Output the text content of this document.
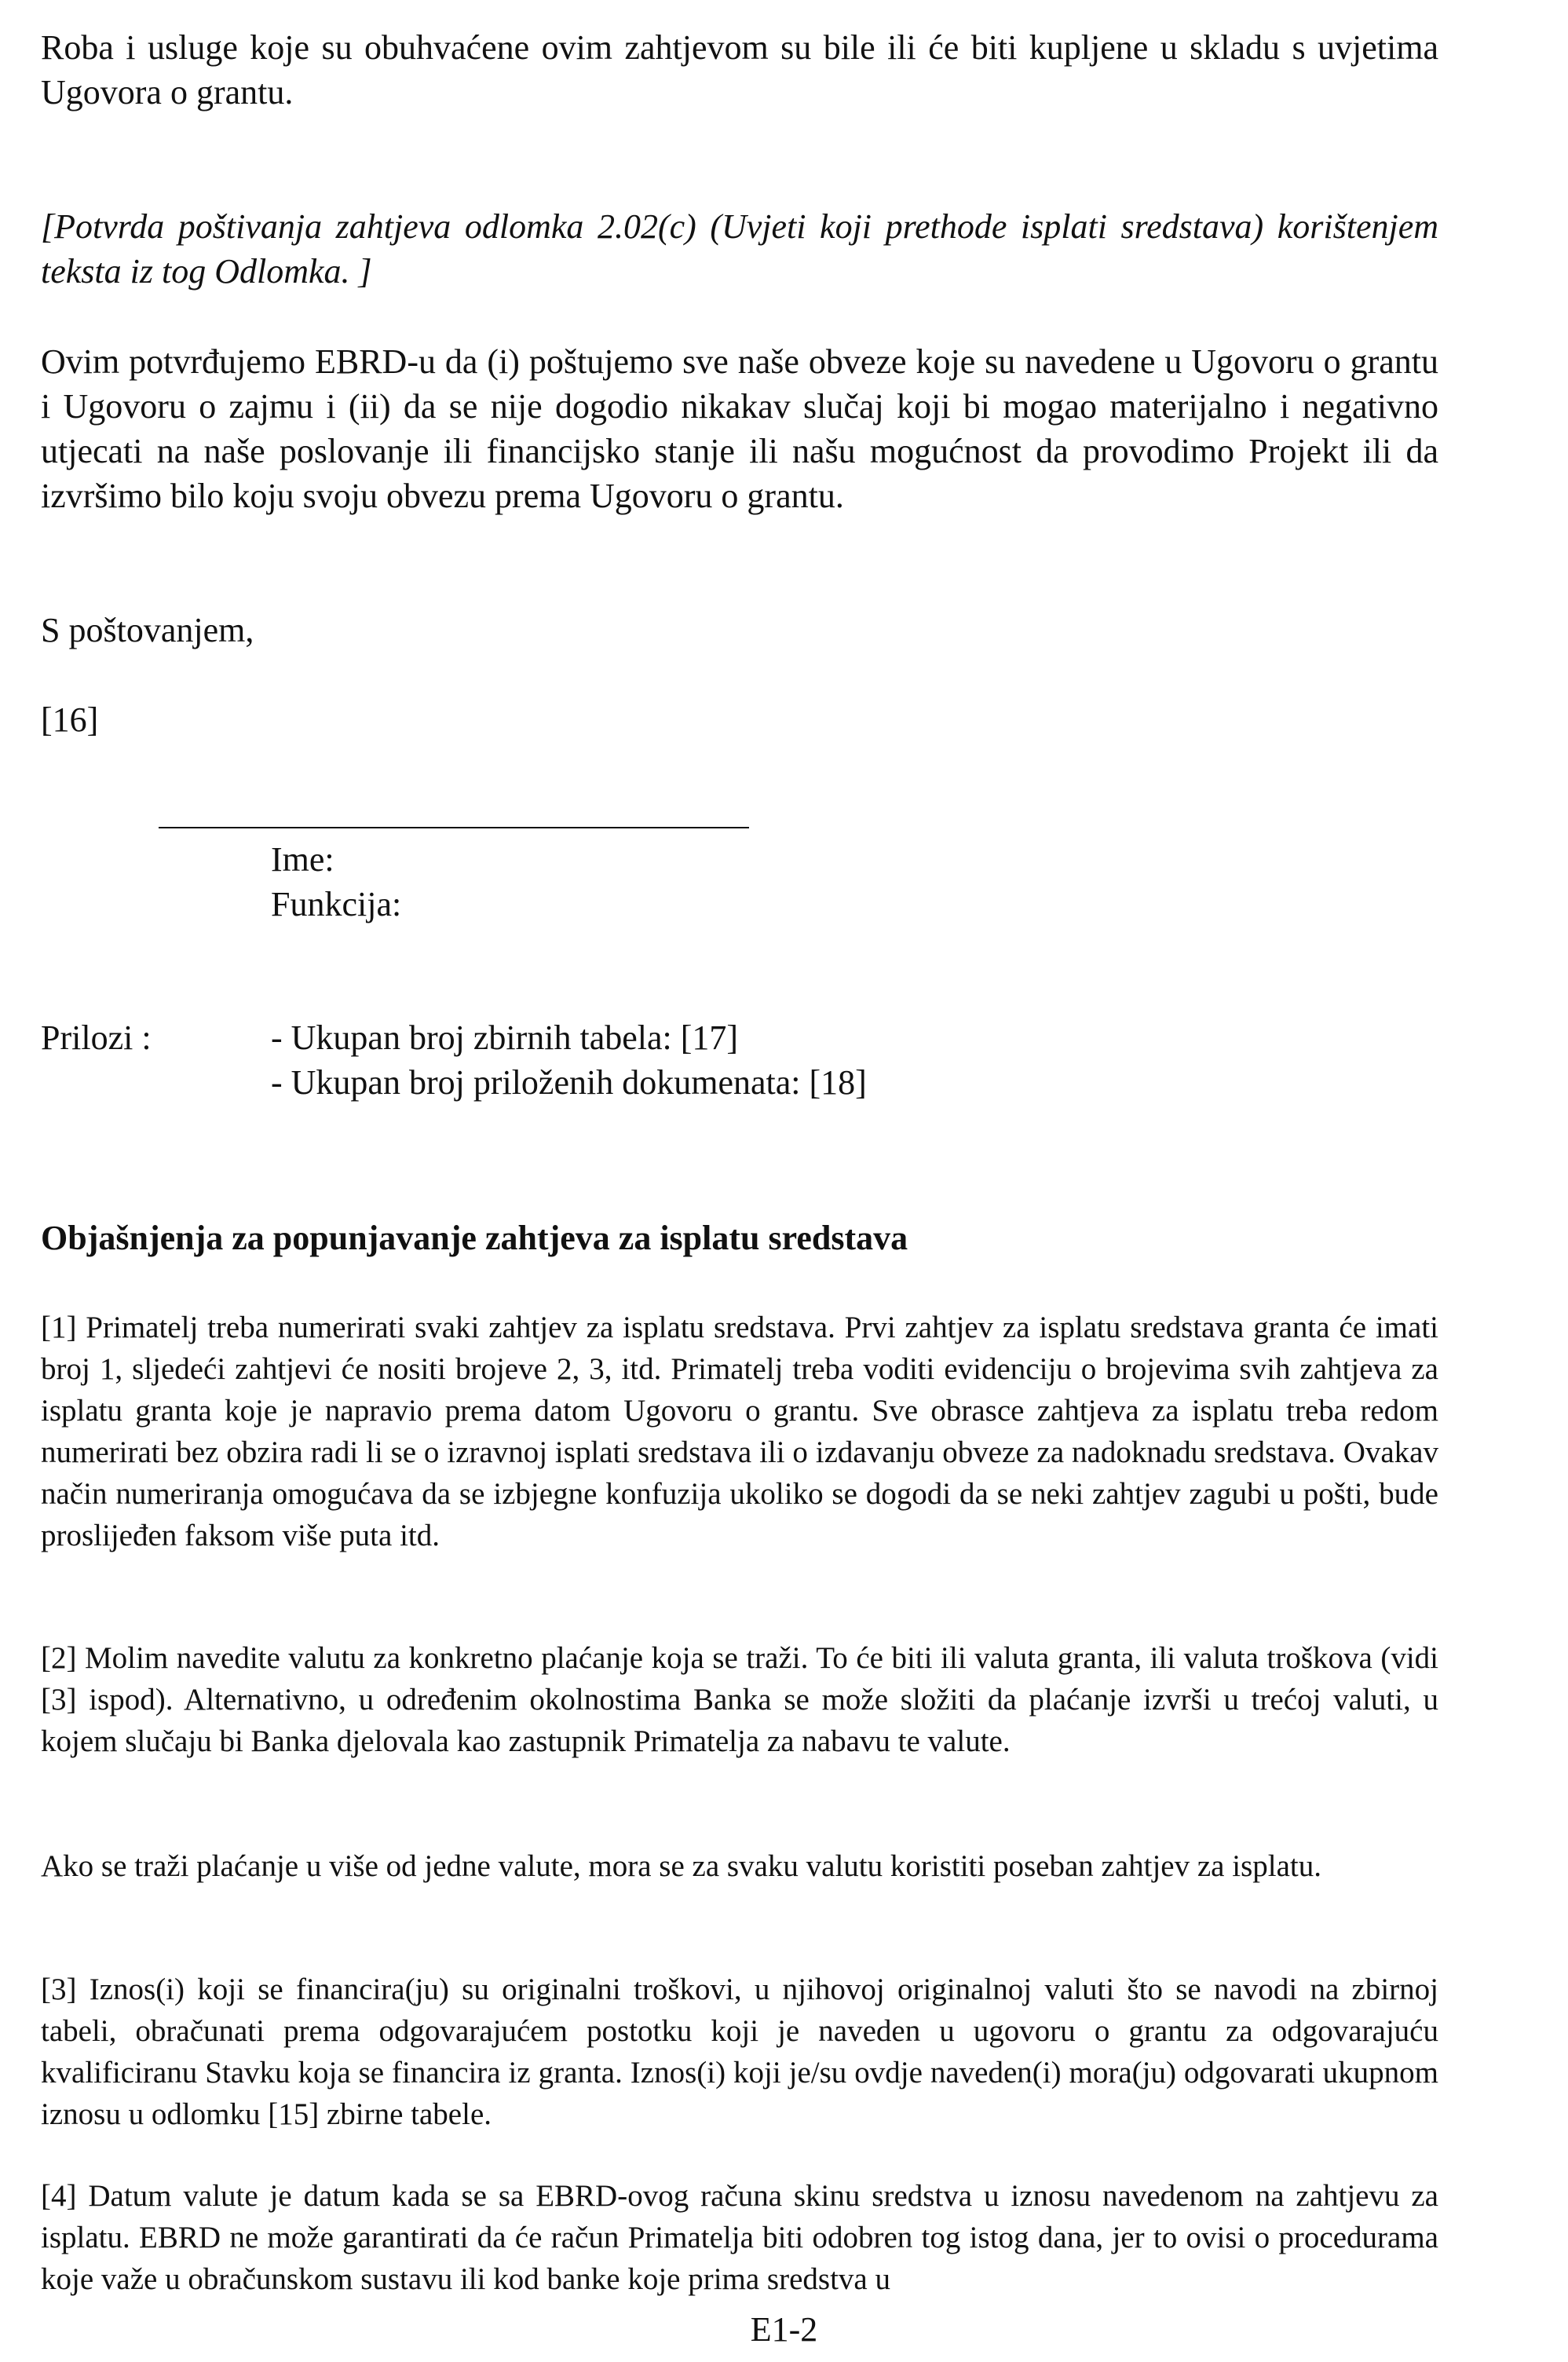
Roba i usluge koje su obuhvaćene ovim zahtjevom su bile ili će biti kupljene u skladu s uvjetima Ugovora o grantu.

[Potvrda poštivanja zahtjeva odlomka 2.02(c) (Uvjeti koji prethode isplati sredstava) korištenjem teksta iz tog Odlomka. ]

Ovim potvrđujemo EBRD-u da (i) poštujemo sve naše obveze koje su navedene u Ugovoru o grantu i Ugovoru o zajmu i (ii) da se nije dogodio nikakav slučaj koji bi mogao materijalno i negativno utjecati na naše poslovanje ili financijsko stanje ili našu mogućnost da provodimo Projekt ili da izvršimo bilo koju svoju obvezu prema Ugovoru o grantu.

S poštovanjem,

[16]

Ime:
Funkcija:
Prilozi :	- Ukupan broj zbirnih tabela: [17]
- Ukupan broj priloženih dokumenata: [18]
Objašnjenja za popunjavanje zahtjeva za isplatu sredstava

[1] Primatelj treba numerirati svaki zahtjev za isplatu sredstava. Prvi zahtjev za isplatu sredstava granta će imati broj 1, sljedeći zahtjevi će nositi brojeve 2, 3, itd. Primatelj treba voditi evidenciju o brojevima svih zahtjeva za isplatu granta koje je napravio prema datom Ugovoru o grantu. Sve obrasce zahtjeva za isplatu treba redom numerirati bez obzira radi li se o izravnoj isplati sredstava ili o izdavanju obveze za nadoknadu sredstava. Ovakav način numeriranja omogućava da se izbjegne konfuzija ukoliko se dogodi da se neki zahtjev zagubi u pošti, bude proslijeđen faksom više puta itd.

[2] Molim navedite valutu za konkretno plaćanje koja se traži. To će biti ili valuta granta, ili valuta troškova (vidi [3] ispod). Alternativno, u određenim okolnostima Banka se može složiti da plaćanje izvrši u trećoj valuti, u kojem slučaju bi Banka djelovala kao zastupnik Primatelja za nabavu te valute.

Ako se traži plaćanje u više od jedne valute, mora se za svaku valutu koristiti poseban zahtjev za isplatu.

[3] Iznos(i) koji se financira(ju) su originalni troškovi, u njihovoj originalnoj valuti što se navodi na zbirnoj tabeli, obračunati prema odgovarajućem postotku koji je naveden u ugovoru o grantu za odgovarajuću kvalificiranu Stavku koja se financira iz granta. Iznos(i) koji je/su ovdje naveden(i) mora(ju) odgovarati ukupnom iznosu u odlomku [15] zbirne tabele.

[4] Datum valute je datum kada se sa EBRD-ovog računa skinu sredstva u iznosu navedenom na zahtjevu za isplatu. EBRD ne može garantirati da će račun Primatelja biti odobren tog istog dana, jer to ovisi o procedurama koje važe u obračunskom sustavu ili kod banke koje prima sredstva u

E1-2
